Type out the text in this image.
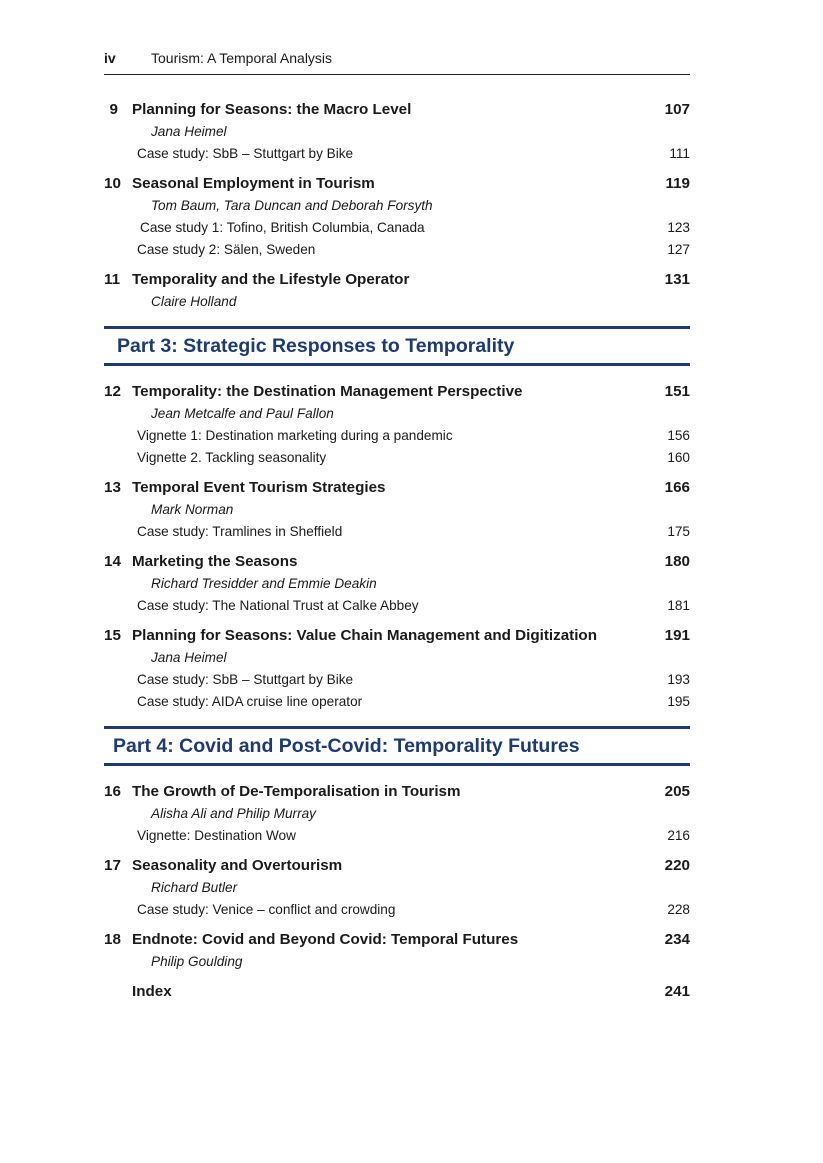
iv	Tourism: A Temporal Analysis
9 Planning for Seasons: the Macro Level	107
Jana Heimel
Case study: SbB – Stuttgart by Bike	111
10 Seasonal Employment in Tourism	119
Tom Baum, Tara Duncan and Deborah Forsyth
Case study 1: Tofino, British Columbia, Canada	123
Case study 2: Sälen, Sweden	127
11 Temporality and the Lifestyle Operator	131
Claire Holland
Part 3: Strategic Responses to Temporality
12 Temporality: the Destination Management Perspective	151
Jean Metcalfe and Paul Fallon
Vignette 1: Destination marketing during a pandemic	156
Vignette 2. Tackling seasonality	160
13 Temporal Event Tourism Strategies	166
Mark Norman
Case study: Tramlines in Sheffield	175
14 Marketing the Seasons	180
Richard Tresidder and Emmie Deakin
Case study: The National Trust at Calke Abbey	181
15 Planning for Seasons: Value Chain Management and Digitization	191
Jana Heimel
Case study: SbB – Stuttgart by Bike	193
Case study: AIDA cruise line operator	195
Part 4: Covid and Post-Covid: Temporality Futures
16 The Growth of De-Temporalisation in Tourism	205
Alisha Ali and Philip Murray
Vignette: Destination Wow	216
17 Seasonality and Overtourism	220
Richard Butler
Case study: Venice – conflict and crowding	228
18 Endnote: Covid and Beyond Covid: Temporal Futures	234
Philip Goulding
Index	241
